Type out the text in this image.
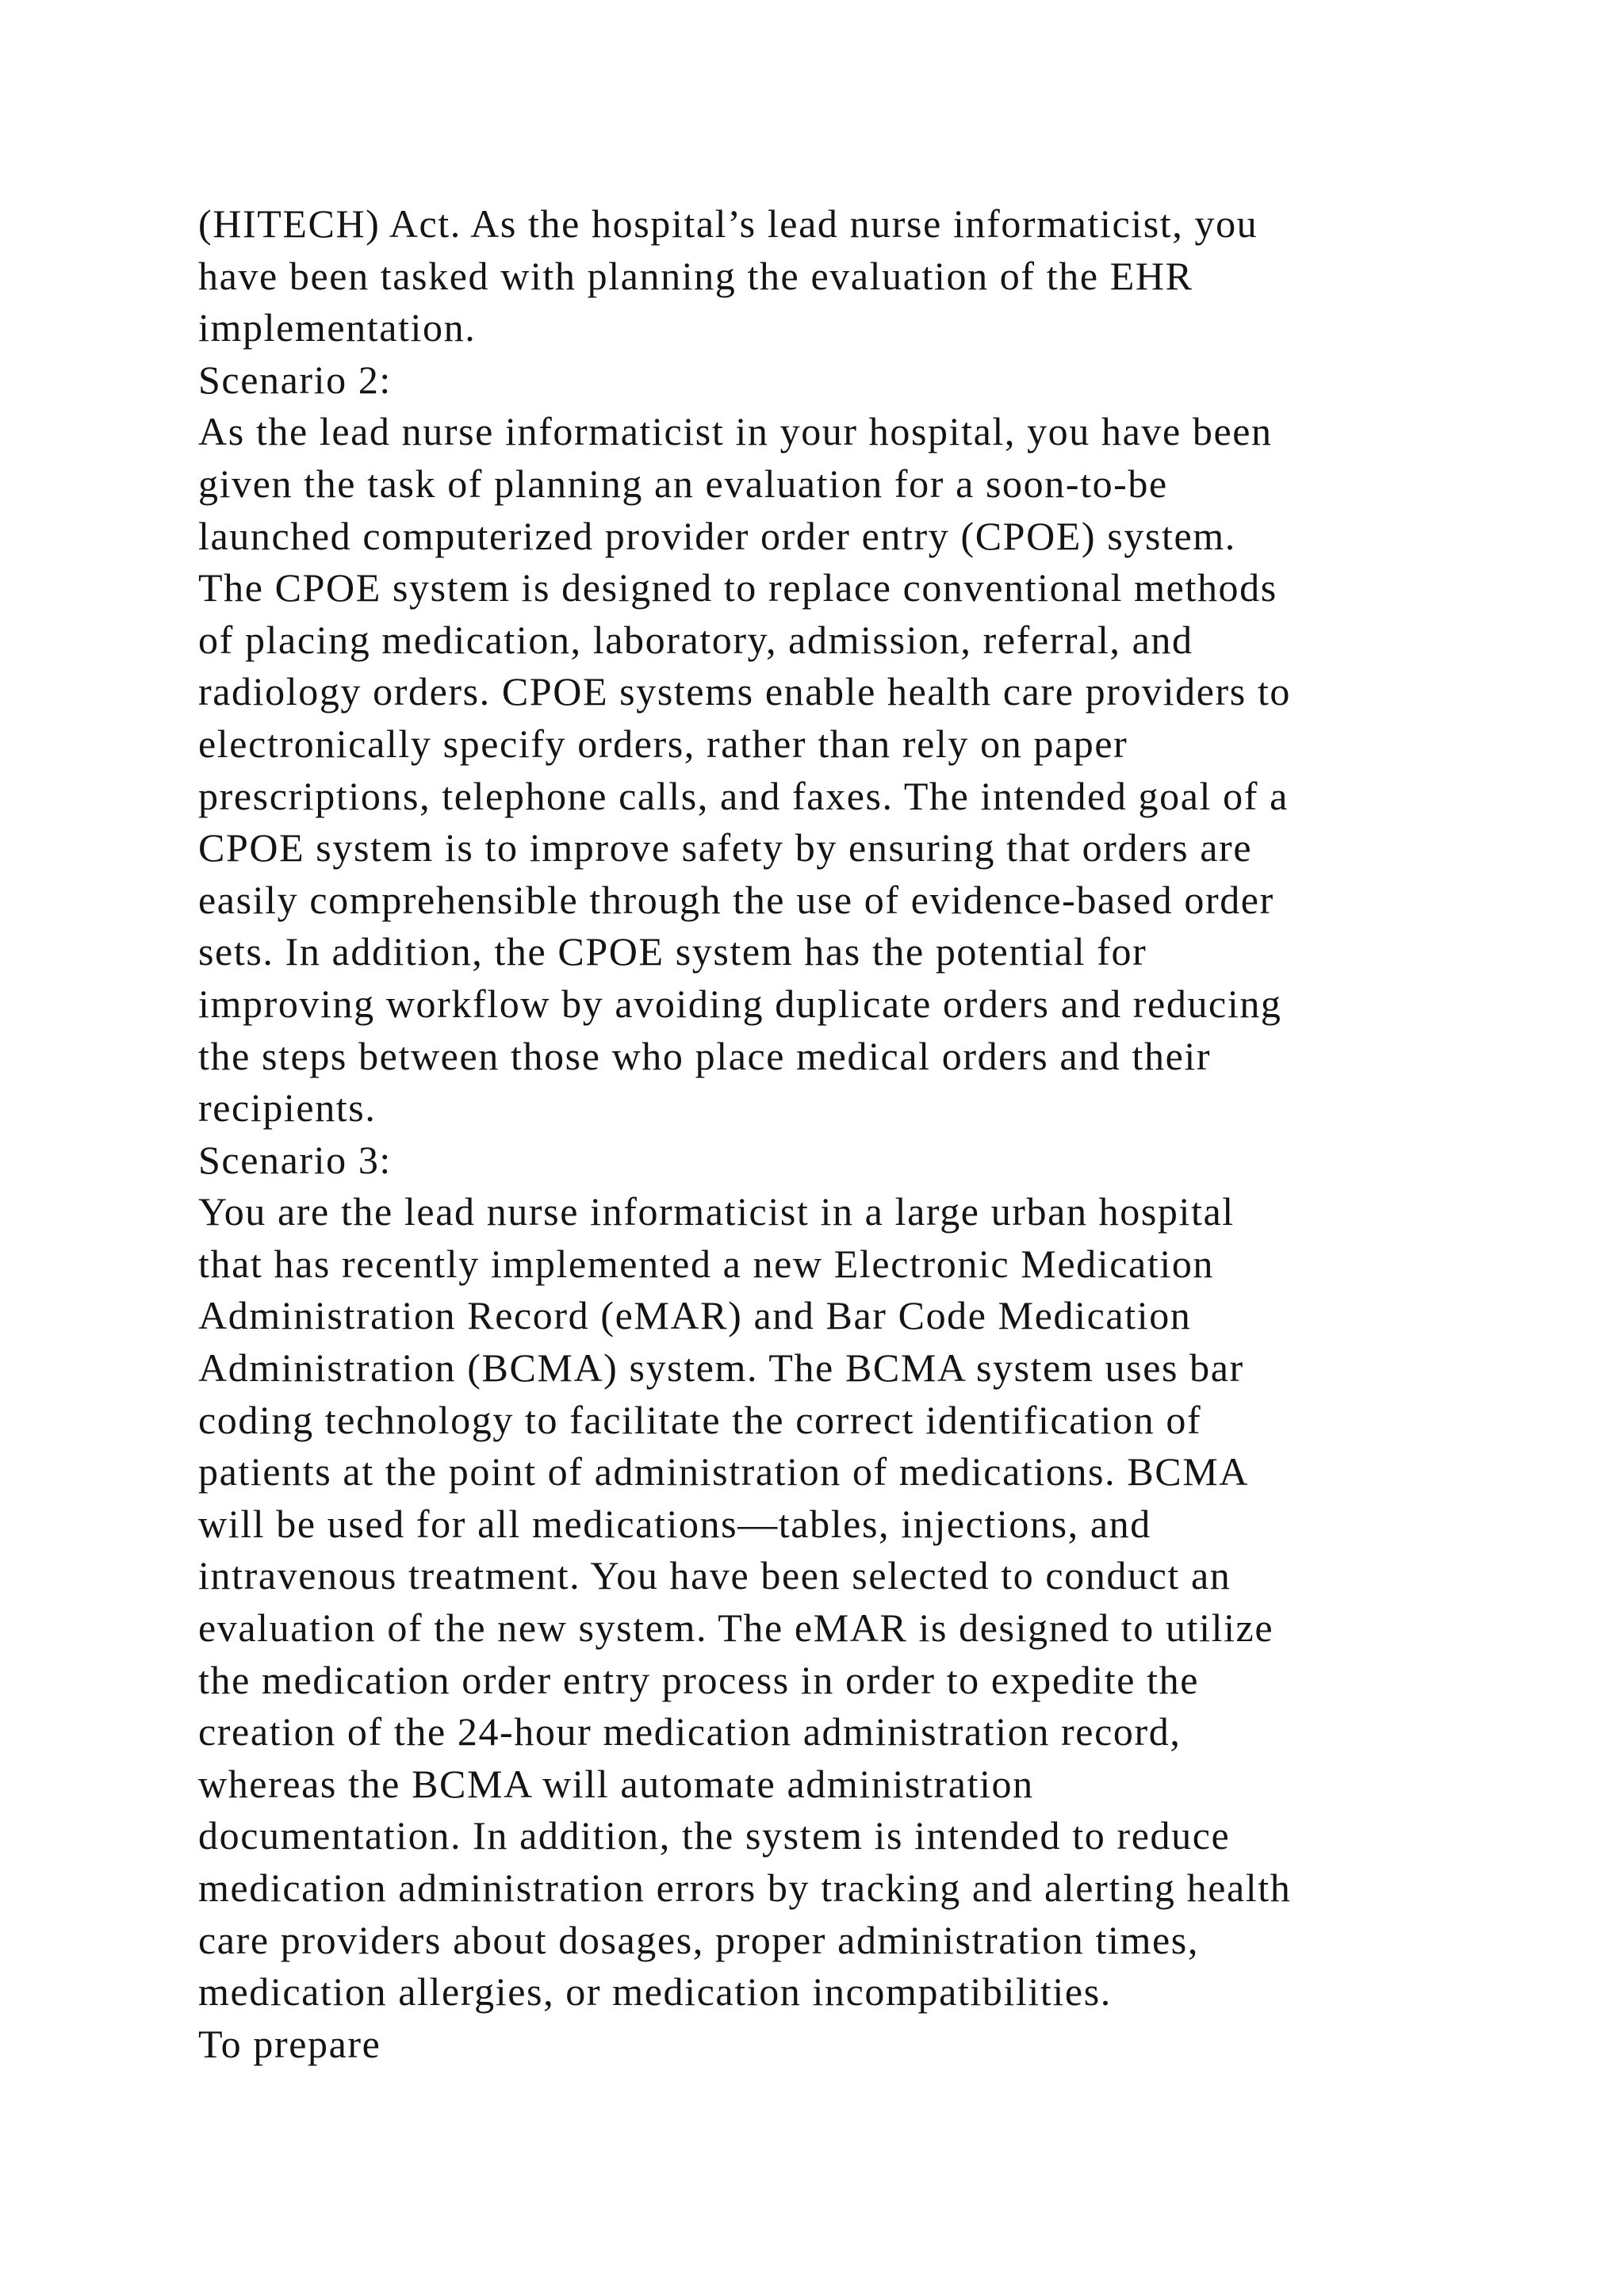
(HITECH) Act. As the hospital’s lead nurse informaticist, you
have been tasked with planning the evaluation of the EHR
implementation.
Scenario 2:
As the lead nurse informaticist in your hospital, you have been
given the task of planning an evaluation for a soon-to-be
launched computerized provider order entry (CPOE) system.
The CPOE system is designed to replace conventional methods
of placing medication, laboratory, admission, referral, and
radiology orders. CPOE systems enable health care providers to
electronically specify orders, rather than rely on paper
prescriptions, telephone calls, and faxes. The intended goal of a
CPOE system is to improve safety by ensuring that orders are
easily comprehensible through the use of evidence-based order
sets. In addition, the CPOE system has the potential for
improving workflow by avoiding duplicate orders and reducing
the steps between those who place medical orders and their
recipients.
Scenario 3:
You are the lead nurse informaticist in a large urban hospital
that has recently implemented a new Electronic Medication
Administration Record (eMAR) and Bar Code Medication
Administration (BCMA) system. The BCMA system uses bar
coding technology to facilitate the correct identification of
patients at the point of administration of medications. BCMA
will be used for all medications—tables, injections, and
intravenous treatment. You have been selected to conduct an
evaluation of the new system. The eMAR is designed to utilize
the medication order entry process in order to expedite the
creation of the 24-hour medication administration record,
whereas the BCMA will automate administration
documentation. In addition, the system is intended to reduce
medication administration errors by tracking and alerting health
care providers about dosages, proper administration times,
medication allergies, or medication incompatibilities.
To prepare
